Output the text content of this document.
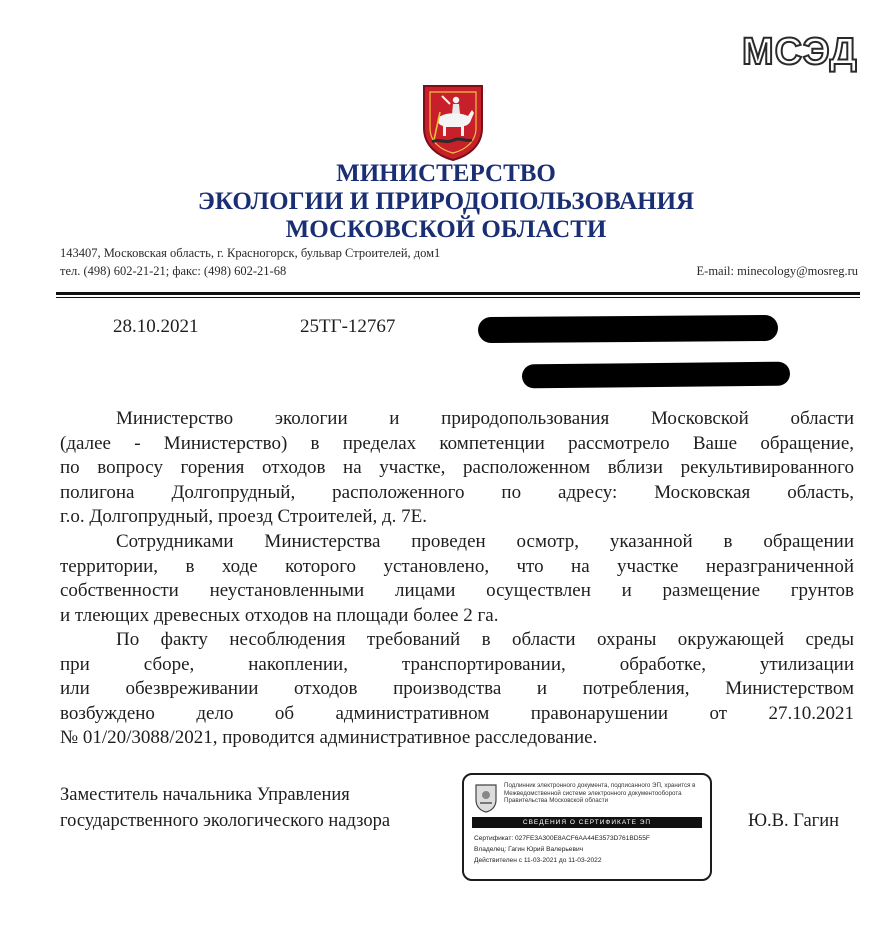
МСЭД
МИНИСТЕРСТВО
ЭКОЛОГИИ И ПРИРОДОПОЛЬЗОВАНИЯ
МОСКОВСКОЙ ОБЛАСТИ
143407, Московская область, г. Красногорск, бульвар Строителей, дом1
тел. (498) 602-21-21; факс: (498) 602-21-68	E-mail: minecology@mosreg.ru
28.10.2021	25ТГ-12767
Министерство экологии и природопользования Московской области
(далее - Министерство) в пределах компетенции рассмотрело Ваше обращение,
по вопросу горения отходов на участке, расположенном вблизи рекультивированного
полигона Долгопрудный, расположенного по адресу: Московская область,
г.о. Долгопрудный, проезд Строителей, д. 7Е.
Сотрудниками Министерства проведен осмотр, указанной в обращении
территории, в ходе которого установлено, что на участке неразграниченной
собственности неустановленными лицами осуществлен и размещение грунтов
и тлеющих древесных отходов на площади более 2 га.
По факту несоблюдения требований в области охраны окружающей среды
при сборе, накоплении, транспортировании, обработке, утилизации
или обезвреживании отходов производства и потребления, Министерством
возбуждено дело об административном правонарушении от 27.10.2021
№ 01/20/3088/2021, проводится административное расследование.
Заместитель начальника Управления
государственного экологического надзора	Ю.В. Гагин
Подлинник электронного документа, подписанного ЭП, хранится в Межведомственной системе электронного документооборота Правительства Московской области
СВЕДЕНИЯ О СЕРТИФИКАТЕ ЭП
Сертификат: 027FE3A300E8ACF6AA44E3573D761BD55F
Владелец: Гагин Юрий Валерьевич
Действителен с 11-03-2021 до 11-03-2022
